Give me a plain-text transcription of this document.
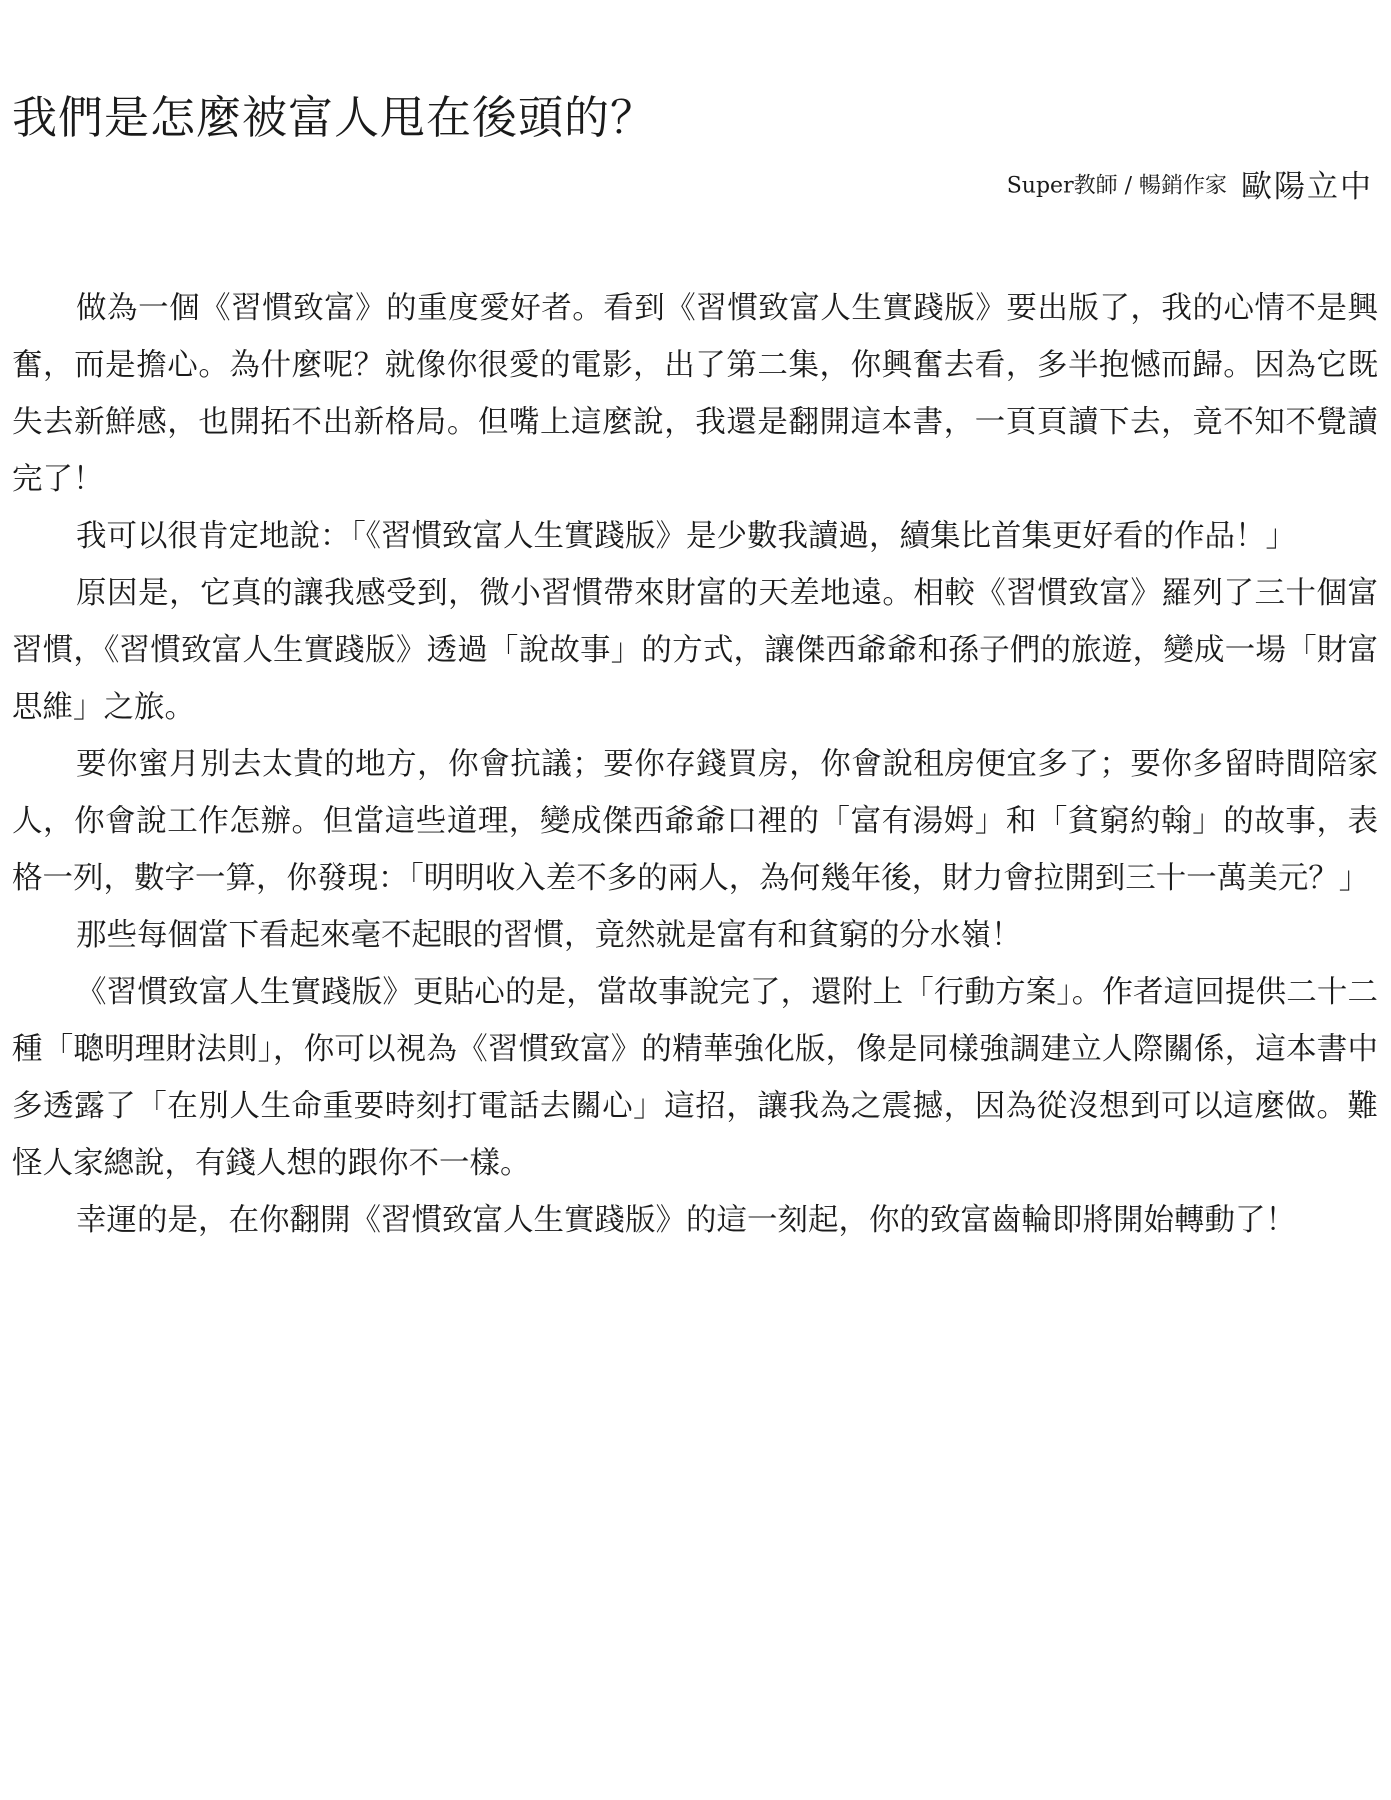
我們是怎麼被富人甩在後頭的？
Super教師 / 暢銷作家 歐陽立中

做為一個《習慣致富》的重度愛好者。看到《習慣致富人生實踐版》要出版了，我的心情不是興奮，而是擔心。為什麼呢？就像你很愛的電影，出了第二集，你興奮去看，多半抱憾而歸。因為它既失去新鮮感，也開拓不出新格局。但嘴上這麼說，我還是翻開這本書，一頁頁讀下去，竟不知不覺讀完了！

我可以很肯定地說：「《習慣致富人生實踐版》是少數我讀過，續集比首集更好看的作品！」

原因是，它真的讓我感受到，微小習慣帶來財富的天差地遠。相較《習慣致富》羅列了三十個富習慣，《習慣致富人生實踐版》透過「說故事」的方式，讓傑西爺爺和孫子們的旅遊，變成一場「財富思維」之旅。

要你蜜月別去太貴的地方，你會抗議；要你存錢買房，你會說租房便宜多了；要你多留時間陪家人，你會說工作怎辦。但當這些道理，變成傑西爺爺口裡的「富有湯姆」和「貧窮約翰」的故事，表格一列，數字一算，你發現：「明明收入差不多的兩人，為何幾年後，財力會拉開到三十一萬美元？」

那些每個當下看起來毫不起眼的習慣，竟然就是富有和貧窮的分水嶺！

《習慣致富人生實踐版》更貼心的是，當故事說完了，還附上「行動方案」。作者這回提供二十二種「聰明理財法則」，你可以視為《習慣致富》的精華強化版，像是同樣強調建立人際關係，這本書中多透露了「在別人生命重要時刻打電話去關心」這招，讓我為之震撼，因為從沒想到可以這麼做。難怪人家總說，有錢人想的跟你不一樣。

幸運的是，在你翻開《習慣致富人生實踐版》的這一刻起，你的致富齒輪即將開始轉動了！
